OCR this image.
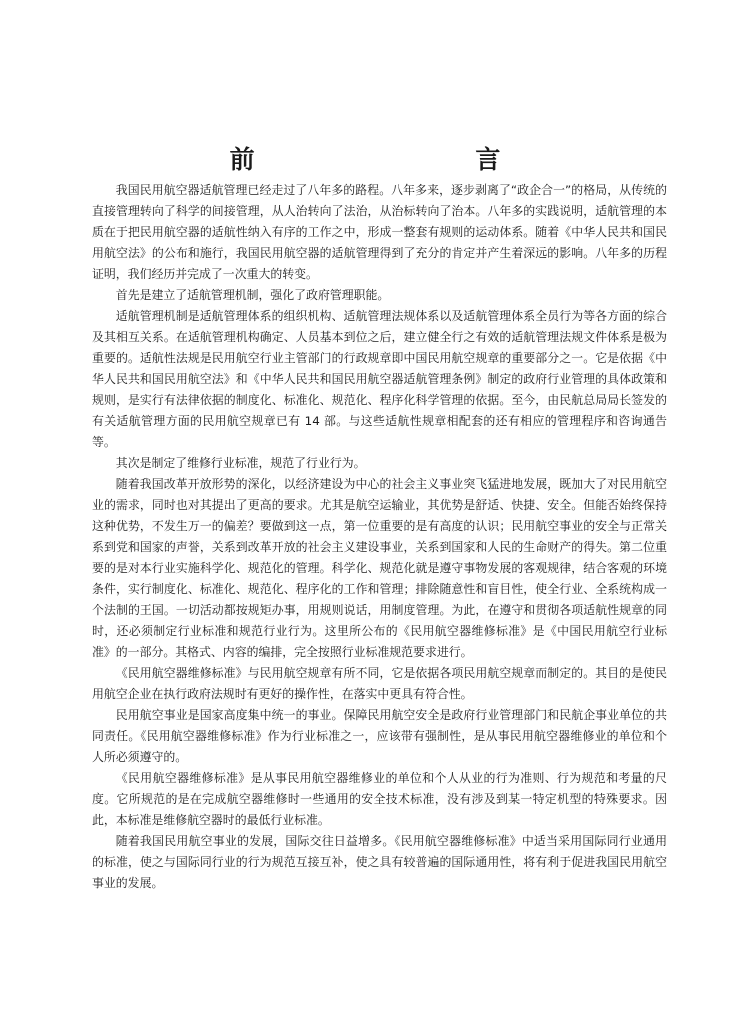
前 言

我国民用航空器适航管理已经走过了八年多的路程。八年多来，逐步剥离了“政企合一”的格局，从传统的直接管理转向了科学的间接管理，从人治转向了法治，从治标转向了治本。八年多的实践说明，适航管理的本质在于把民用航空器的适航性纳入有序的工作之中，形成一整套有规则的运动体系。随着《中华人民共和国民用航空法》的公布和施行，我国民用航空器的适航管理得到了充分的肯定并产生着深远的影响。八年多的历程证明，我们经历并完成了一次重大的转变。

首先是建立了适航管理机制，强化了政府管理职能。

适航管理机制是适航管理体系的组织机构、适航管理法规体系以及适航管理体系全员行为等各方面的综合及其相互关系。在适航管理机构确定、人员基本到位之后，建立健全行之有效的适航管理法规文件体系是极为重要的。适航性法规是民用航空行业主管部门的行政规章即中国民用航空规章的重要部分之一。它是依据《中华人民共和国民用航空法》和《中华人民共和国民用航空器适航管理条例》制定的政府行业管理的具体政策和规则，是实行有法律依据的制度化、标准化、规范化、程序化科学管理的依据。至今，由民航总局局长签发的有关适航管理方面的民用航空规章已有 14 部。与这些适航性规章相配套的还有相应的管理程序和咨询通告等。

其次是制定了维修行业标准，规范了行业行为。

随着我国改革开放形势的深化，以经济建设为中心的社会主义事业突飞猛进地发展，既加大了对民用航空业的需求，同时也对其提出了更高的要求。尤其是航空运输业，其优势是舒适、快捷、安全。但能否始终保持这种优势，不发生万一的偏差？要做到这一点，第一位重要的是有高度的认识；民用航空事业的安全与正常关系到党和国家的声誉，关系到改革开放的社会主义建设事业，关系到国家和人民的生命财产的得失。第二位重要的是对本行业实施科学化、规范化的管理。科学化、规范化就是遵守事物发展的客观规律，结合客观的环境条件，实行制度化、标准化、规范化、程序化的工作和管理；排除随意性和盲目性，使全行业、全系统构成一个法制的王国。一切活动都按规矩办事，用规则说话，用制度管理。为此，在遵守和贯彻各项适航性规章的同时，还必须制定行业标准和规范行业行为。这里所公布的《民用航空器维修标准》是《中国民用航空行业标准》的一部分。其格式、内容的编排，完全按照行业标准规范要求进行。

《民用航空器维修标准》与民用航空规章有所不同，它是依据各项民用航空规章而制定的。其目的是使民用航空企业在执行政府法规时有更好的操作性，在落实中更具有符合性。

民用航空事业是国家高度集中统一的事业。保障民用航空安全是政府行业管理部门和民航企事业单位的共同责任。《民用航空器维修标准》作为行业标准之一，应该带有强制性，是从事民用航空器维修业的单位和个人所必须遵守的。

《民用航空器维修标准》是从事民用航空器维修业的单位和个人从业的行为准则、行为规范和考量的尺度。它所规范的是在完成航空器维修时一些通用的安全技术标准，没有涉及到某一特定机型的特殊要求。因此，本标准是维修航空器时的最低行业标准。

随着我国民用航空事业的发展，国际交往日益增多。《民用航空器维修标准》中适当采用国际同行业通用的标准，使之与国际同行业的行为规范互接互补，使之具有较普遍的国际通用性，将有利于促进我国民用航空事业的发展。
